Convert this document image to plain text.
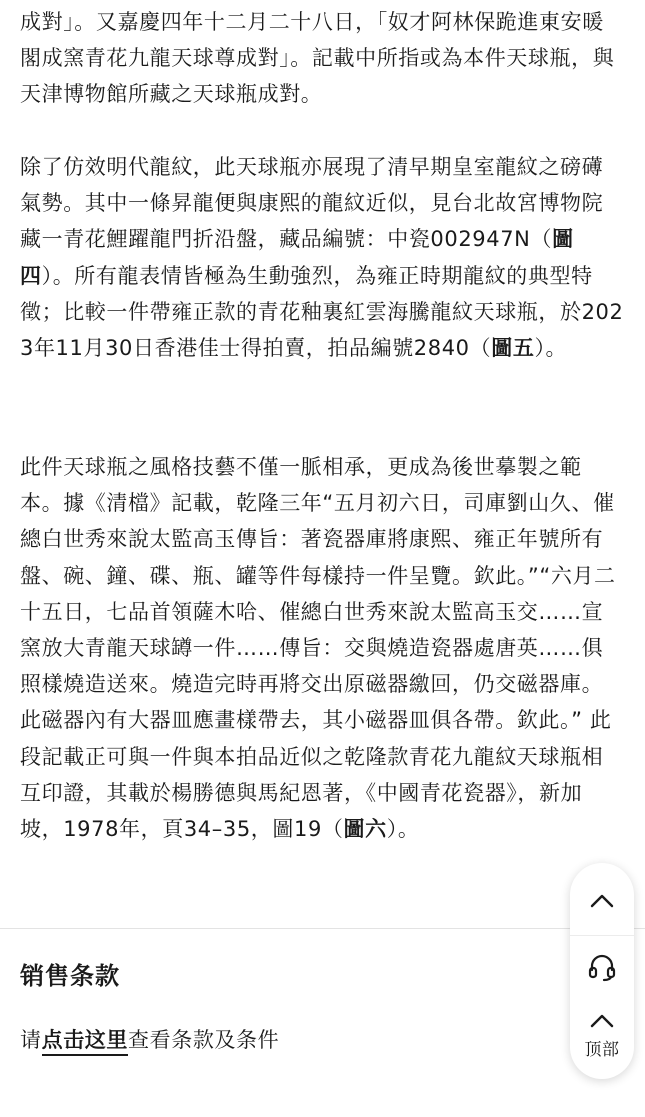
成對」。又嘉慶四年十二月二十八日，「奴才阿林保跪進東安暖閣成窯青花九龍天球尊成對」。記載中所指或為本件天球瓶，與天津博物館所藏之天球瓶成對。

除了仿效明代龍紋，此天球瓶亦展現了清早期皇室龍紋之磅礡氣勢。其中一條昇龍便與康熙的龍紋近似，見台北故宮博物院藏一青花鯉躍龍門折沿盤，藏品編號：中瓷002947N（圖四）。所有龍表情皆極為生動強烈，為雍正時期龍紋的典型特徵；比較一件帶雍正款的青花釉裏紅雲海騰龍紋天球瓶，於2023年11月30日香港佳士得拍賣，拍品編號2840（圖五）。

此件天球瓶之風格技藝不僅一脈相承，更成為後世摹製之範本。據《清檔》記載，乾隆三年“五月初六日，司庫劉山久、催總白世秀來說太監高玉傳旨：著瓷器庫將康熙、雍正年號所有盤、碗、鐘、碟、瓶、罐等件每樣持一件呈覽。欽此。”“六月二十五日，七品首領薩木哈、催總白世秀來說太監高玉交……宣窯放大青龍天球罇一件……傳旨：交與燒造瓷器處唐英……俱照樣燒造送來。燒造完時再將交出原磁器繳回，仍交磁器庫。此磁器內有大器皿應畫樣帶去，其小磁器皿俱各帶。欽此。” 此段記載正可與一件與本拍品近似之乾隆款青花九龍紋天球瓶相互印證，其載於楊勝德與馬紀恩著，《中國青花瓷器》，新加坡，1978年，頁34–35，圖19（圖六）。

销售条款

请点击这里查看条款及条件	顶部
